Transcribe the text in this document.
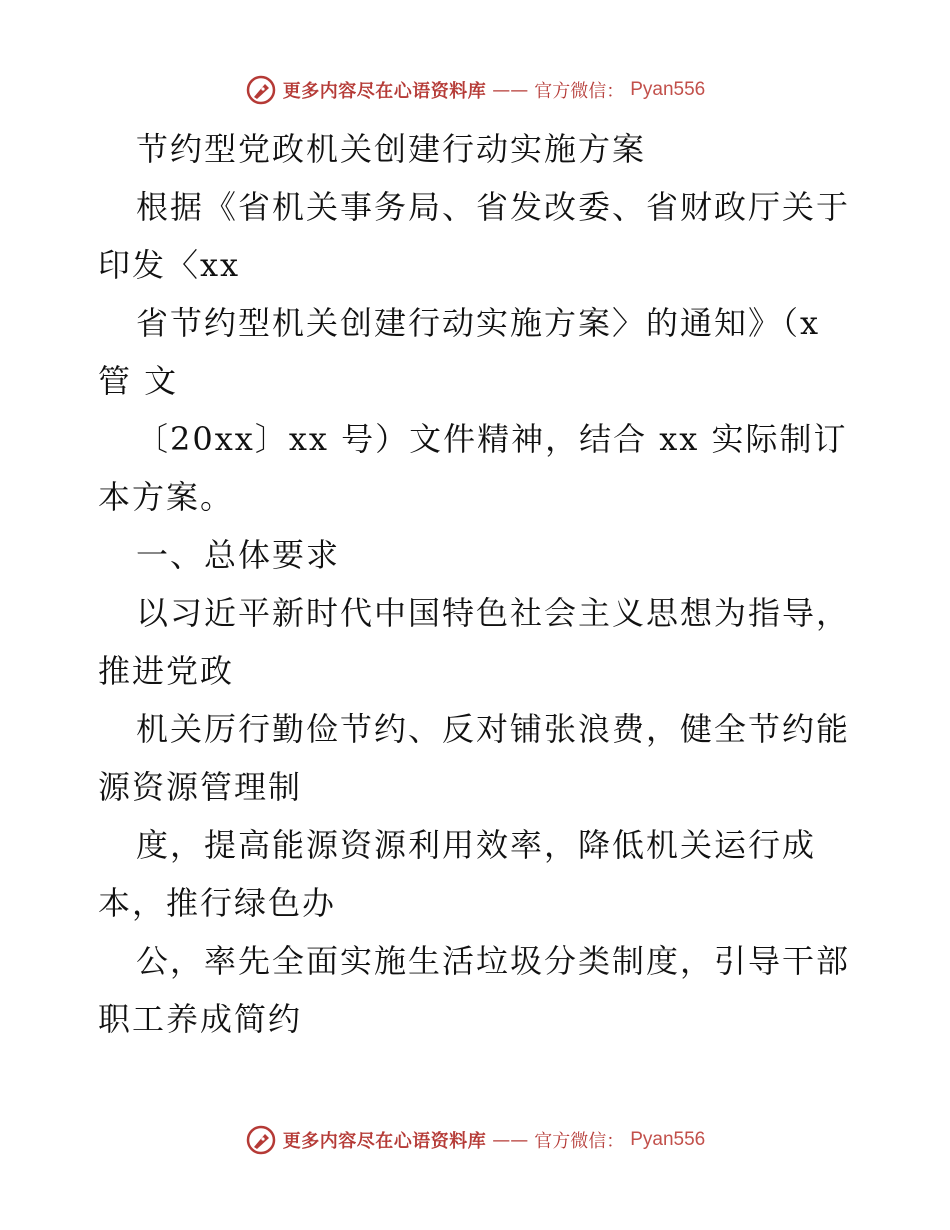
更多内容尽在心语资料库 —— 官方微信： Pyan556
节约型党政机关创建行动实施方案
根据《省机关事务局、省发改委、省财政厅关于
印发〈xx
省节约型机关创建行动实施方案〉的通知》（x
管 文
〔20xx〕xx 号）文件精神，结合 xx 实际制订
本方案。
一、总体要求
以习近平新时代中国特色社会主义思想为指导，
推进党政
机关厉行勤俭节约、反对铺张浪费，健全节约能
源资源管理制
度，提高能源资源利用效率，降低机关运行成
本，推行绿色办
公，率先全面实施生活垃圾分类制度，引导干部
职工养成简约
更多内容尽在心语资料库 —— 官方微信： Pyan556
